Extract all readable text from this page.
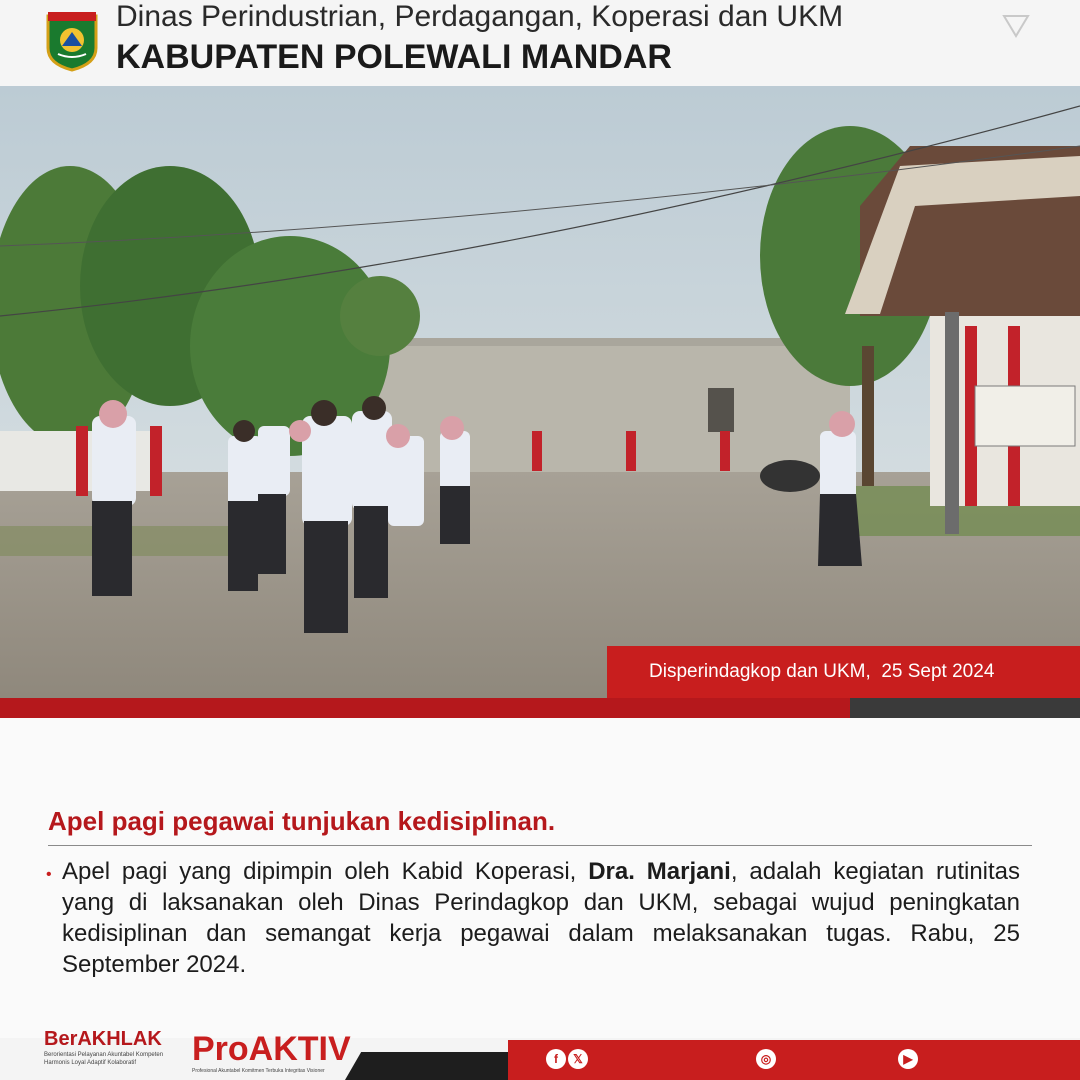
Dinas Perindustrian, Perdagangan, Koperasi dan UKM
KABUPATEN POLEWALI MANDAR
Disperindagkop dan UKM,  25 Sept 2024
Apel pagi pegawai tunjukan kedisiplinan.
• Apel pagi yang dipimpin oleh Kabid Koperasi, Dra. Marjani, adalah kegiatan rutinitas yang di laksanakan oleh Dinas Perindagkop dan UKM, sebagai wujud peningkatan kedisiplinan dan semangat kerja pegawai dalam melaksanakan tugas. Rabu, 25 September 2024.
BerAKHLAK
Berorientasi Pelayanan Akuntabel Kompeten Harmonis Loyal Adaptif Kolaboratif	ProAKTIV
Profesional Akuntabel Komitmen Terbuka Integritas Visioner
f	𝕏	◎	▶
